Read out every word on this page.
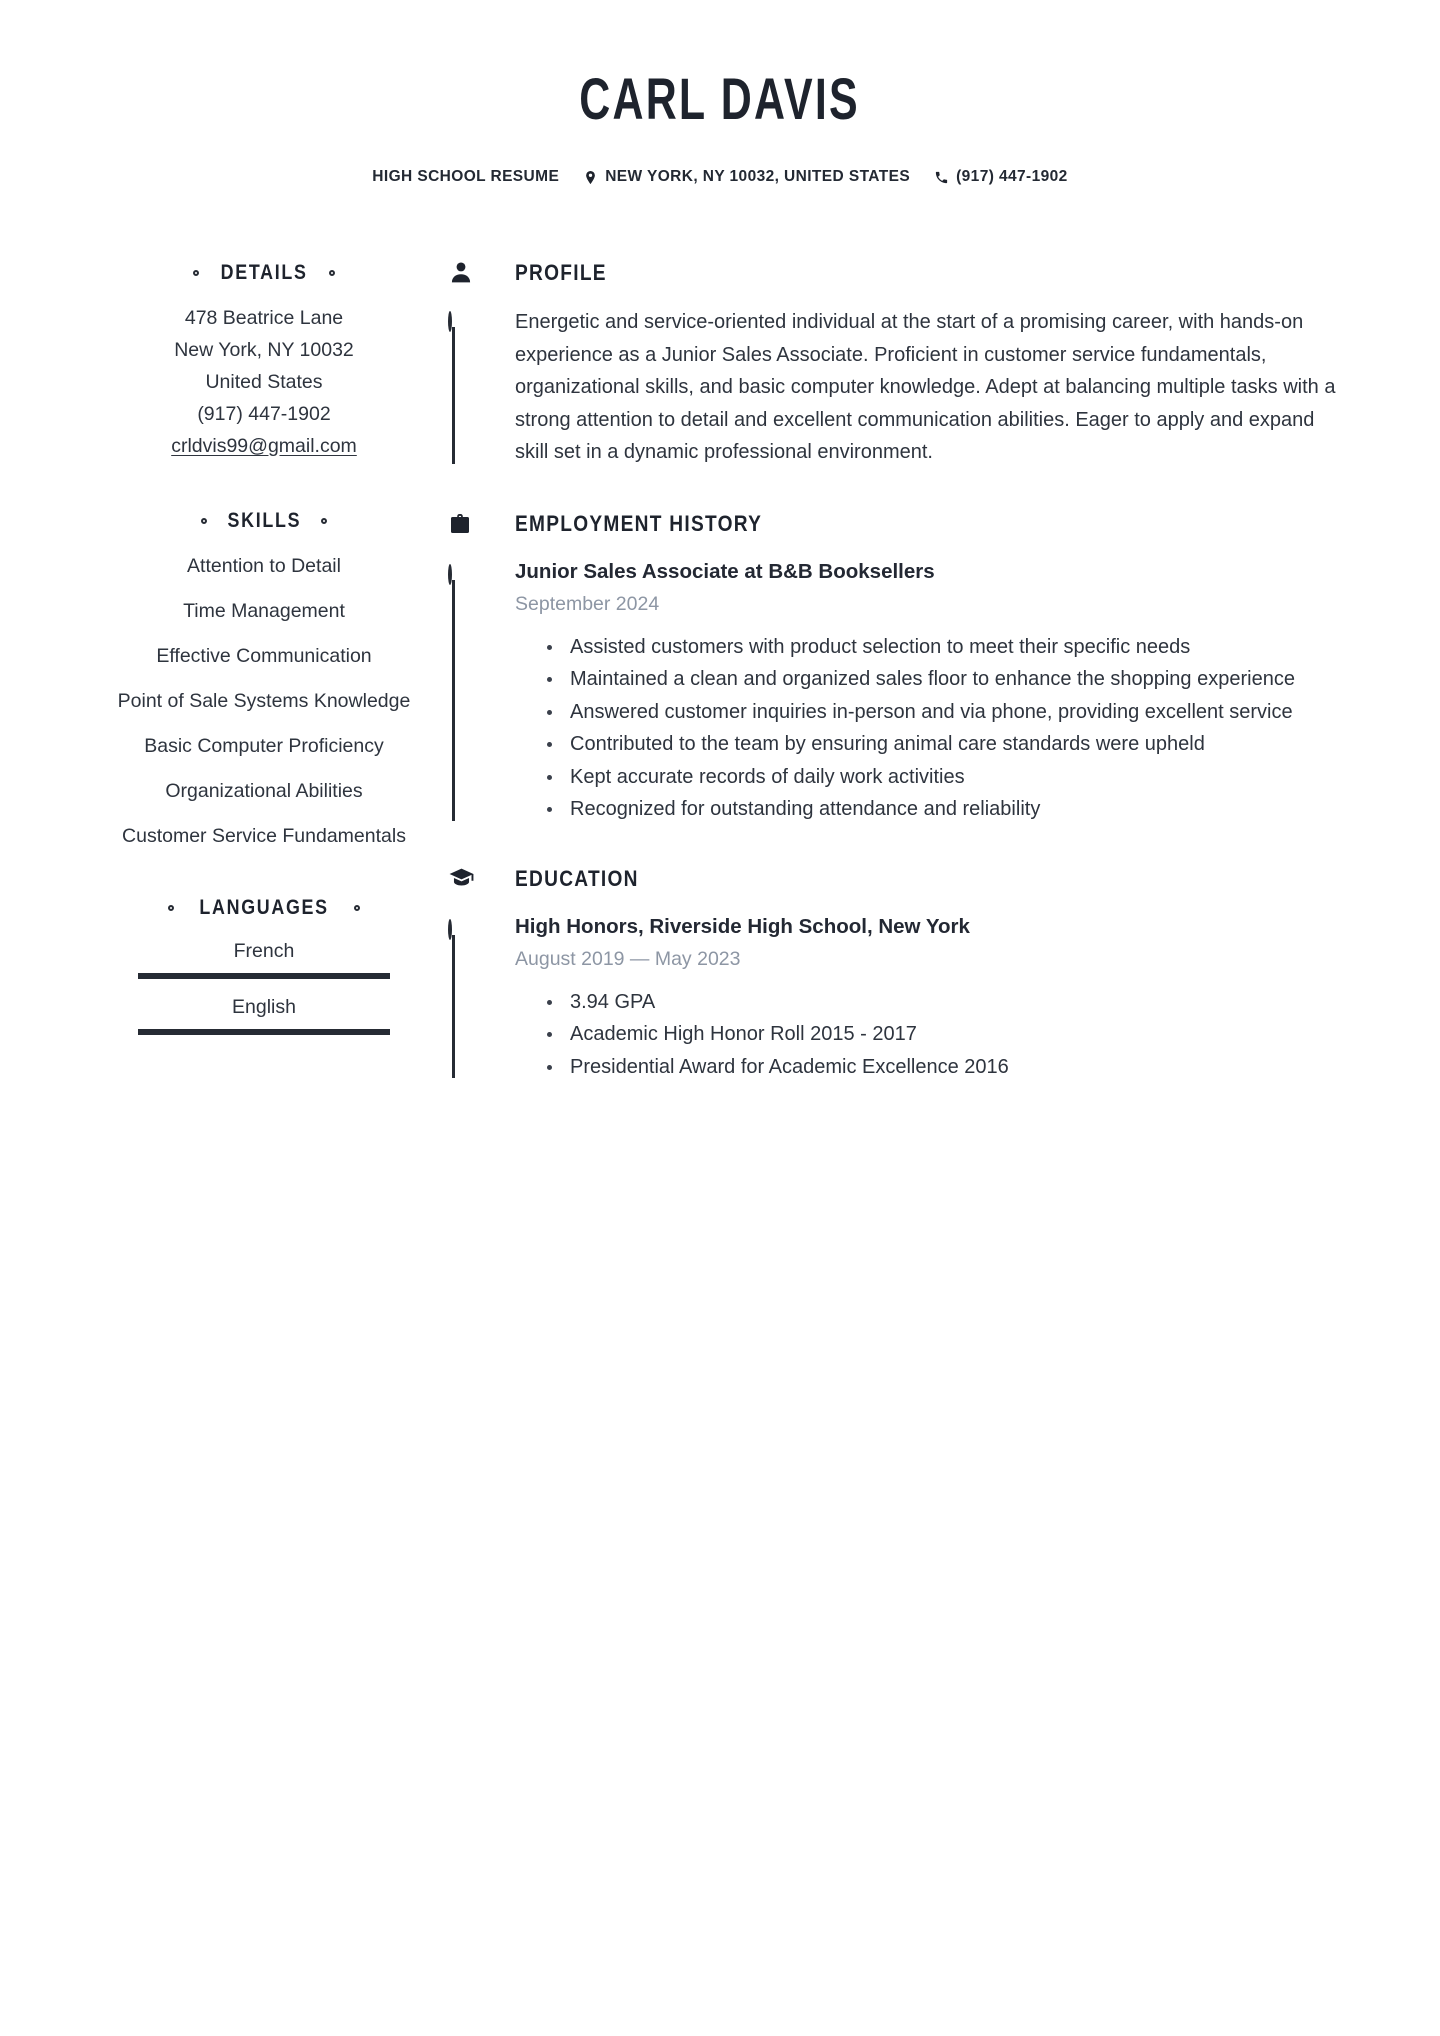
CARL DAVIS
HIGH SCHOOL RESUME	NEW YORK, NY 10032, UNITED STATES	(917) 447-1902
DETAILS
478 Beatrice Lane
New York, NY 10032
United States
(917) 447-1902
crldvis99@gmail.com
SKILLS
Attention to Detail
Time Management
Effective Communication
Point of Sale Systems Knowledge
Basic Computer Proficiency
Organizational Abilities
Customer Service Fundamentals
LANGUAGES
French
English
PROFILE

Energetic and service-oriented individual at the start of a promising career, with hands-on experience as a Junior Sales Associate. Proficient in customer service fundamentals, organizational skills, and basic computer knowledge. Adept at balancing multiple tasks with a strong attention to detail and excellent communication abilities. Eager to apply and expand skill set in a dynamic professional environment.

EMPLOYMENT HISTORY
Junior Sales Associate at B&B Booksellers
September 2024
Assisted customers with product selection to meet their specific needs
Maintained a clean and organized sales floor to enhance the shopping experience
Answered customer inquiries in-person and via phone, providing excellent service
Contributed to the team by ensuring animal care standards were upheld
Kept accurate records of daily work activities
Recognized for outstanding attendance and reliability
EDUCATION
High Honors, Riverside High School, New York
August 2019 — May 2023
3.94 GPA
Academic High Honor Roll 2015 - 2017
Presidential Award for Academic Excellence 2016
